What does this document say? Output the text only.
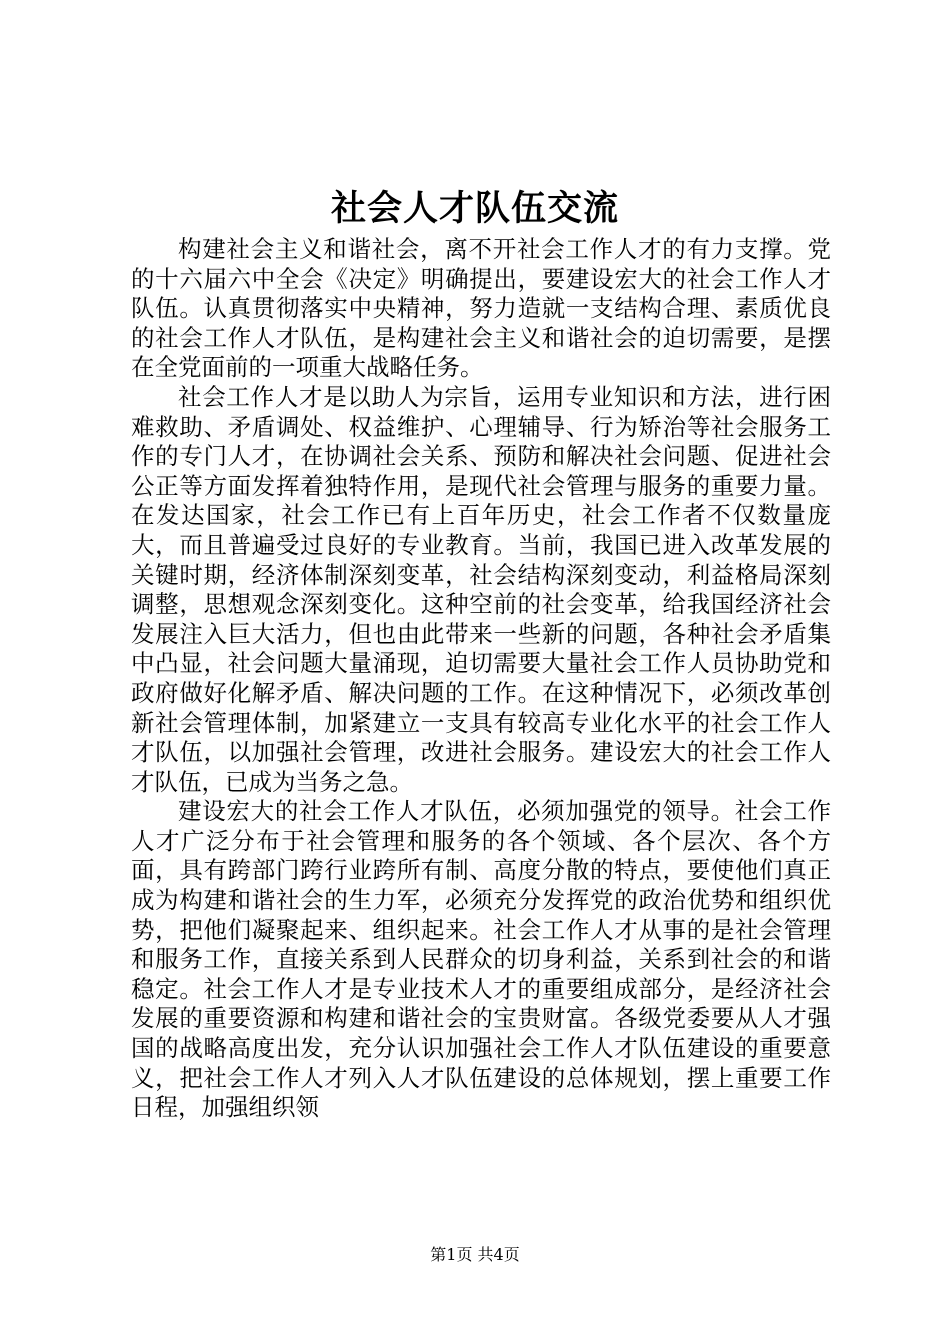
社会人才队伍交流

构建社会主义和谐社会，离不开社会工作人才的有力支撑。党的十六届六中全会《决定》明确提出，要建设宏大的社会工作人才队伍。认真贯彻落实中央精神，努力造就一支结构合理、素质优良的社会工作人才队伍，是构建社会主义和谐社会的迫切需要，是摆在全党面前的一项重大战略任务。

社会工作人才是以助人为宗旨，运用专业知识和方法，进行困难救助、矛盾调处、权益维护、心理辅导、行为矫治等社会服务工作的专门人才，在协调社会关系、预防和解决社会问题、促进社会公正等方面发挥着独特作用，是现代社会管理与服务的重要力量。在发达国家，社会工作已有上百年历史，社会工作者不仅数量庞大，而且普遍受过良好的专业教育。当前，我国已进入改革发展的关键时期，经济体制深刻变革，社会结构深刻变动，利益格局深刻调整，思想观念深刻变化。这种空前的社会变革，给我国经济社会发展注入巨大活力，但也由此带来一些新的问题，各种社会矛盾集中凸显，社会问题大量涌现，迫切需要大量社会工作人员协助党和政府做好化解矛盾、解决问题的工作。在这种情况下，必须改革创新社会管理体制，加紧建立一支具有较高专业化水平的社会工作人才队伍，以加强社会管理，改进社会服务。建设宏大的社会工作人才队伍，已成为当务之急。

建设宏大的社会工作人才队伍，必须加强党的领导。社会工作人才广泛分布于社会管理和服务的各个领域、各个层次、各个方面，具有跨部门跨行业跨所有制、高度分散的特点，要使他们真正成为构建和谐社会的生力军，必须充分发挥党的政治优势和组织优势，把他们凝聚起来、组织起来。社会工作人才从事的是社会管理和服务工作，直接关系到人民群众的切身利益，关系到社会的和谐稳定。社会工作人才是专业技术人才的重要组成部分，是经济社会发展的重要资源和构建和谐社会的宝贵财富。各级党委要从人才强国的战略高度出发，充分认识加强社会工作人才队伍建设的重要意义，把社会工作人才列入人才队伍建设的总体规划，摆上重要工作日程，加强组织领

第1页 共4页
